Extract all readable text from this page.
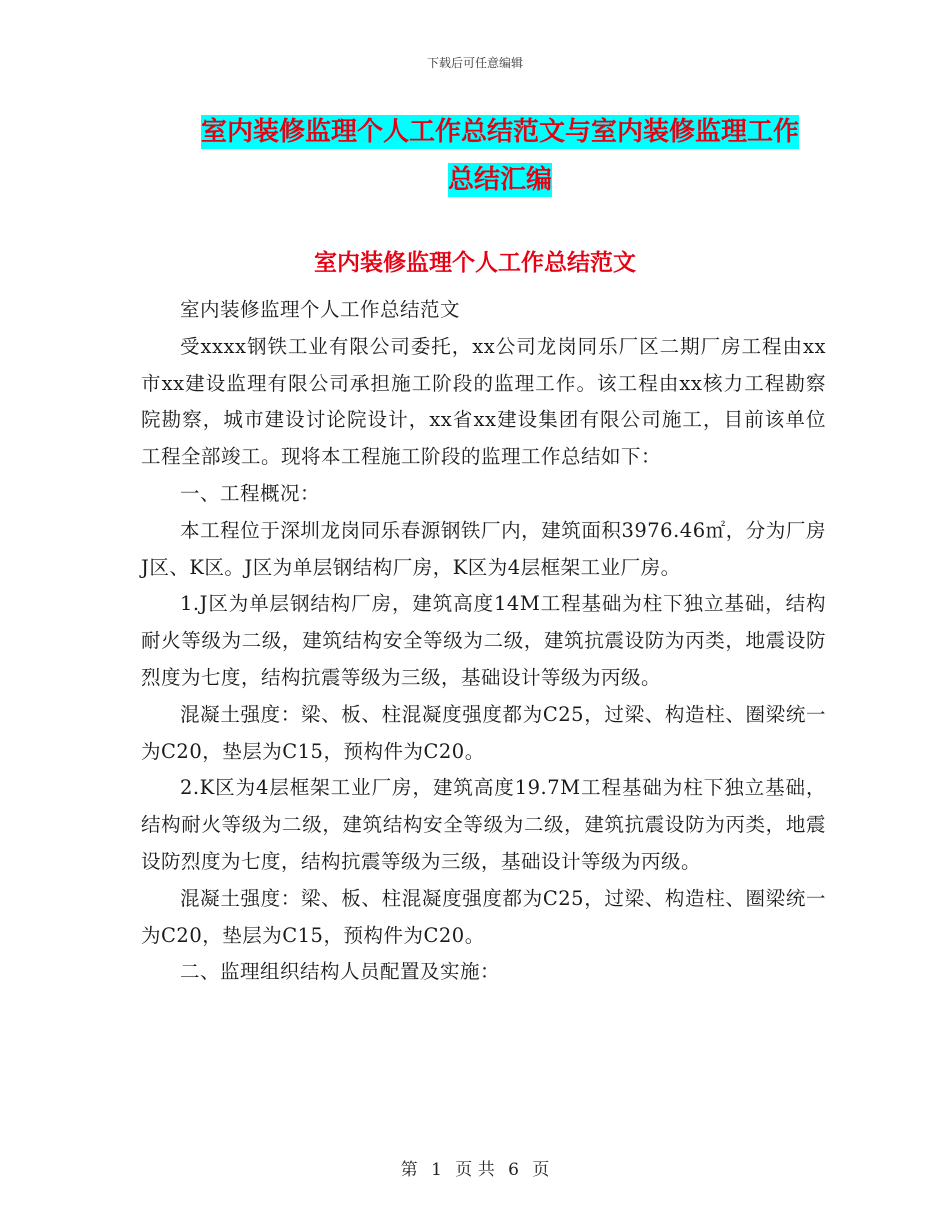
下载后可任意编辑
室内装修监理个人工作总结范文与室内装修监理工作
总结汇编
室内装修监理个人工作总结范文

室内装修监理个人工作总结范文

受xxxx钢铁工业有限公司委托，xx公司龙岗同乐厂区二期厂房工程由xx市xx建设监理有限公司承担施工阶段的监理工作。该工程由xx核力工程勘察院勘察，城市建设讨论院设计，xx省xx建设集团有限公司施工，目前该单位工程全部竣工。现将本工程施工阶段的监理工作总结如下：

一、工程概况：

本工程位于深圳龙岗同乐春源钢铁厂内，建筑面积3976.46㎡，分为厂房J区、K区。J区为单层钢结构厂房，K区为4层框架工业厂房。

1.J区为单层钢结构厂房，建筑高度14M工程基础为柱下独立基础，结构耐火等级为二级，建筑结构安全等级为二级，建筑抗震设防为丙类，地震设防烈度为七度，结构抗震等级为三级，基础设计等级为丙级。

混凝土强度：梁、板、柱混凝度强度都为C25，过梁、构造柱、圈梁统一为C20，垫层为C15，预构件为C20。

2.K区为4层框架工业厂房，建筑高度19.7M工程基础为柱下独立基础，结构耐火等级为二级，建筑结构安全等级为二级，建筑抗震设防为丙类，地震设防烈度为七度，结构抗震等级为三级，基础设计等级为丙级。

混凝土强度：梁、板、柱混凝度强度都为C25，过梁、构造柱、圈梁统一为C20，垫层为C15，预构件为C20。

二、监理组织结构人员配置及实施：

第 1 页 共 6 页
